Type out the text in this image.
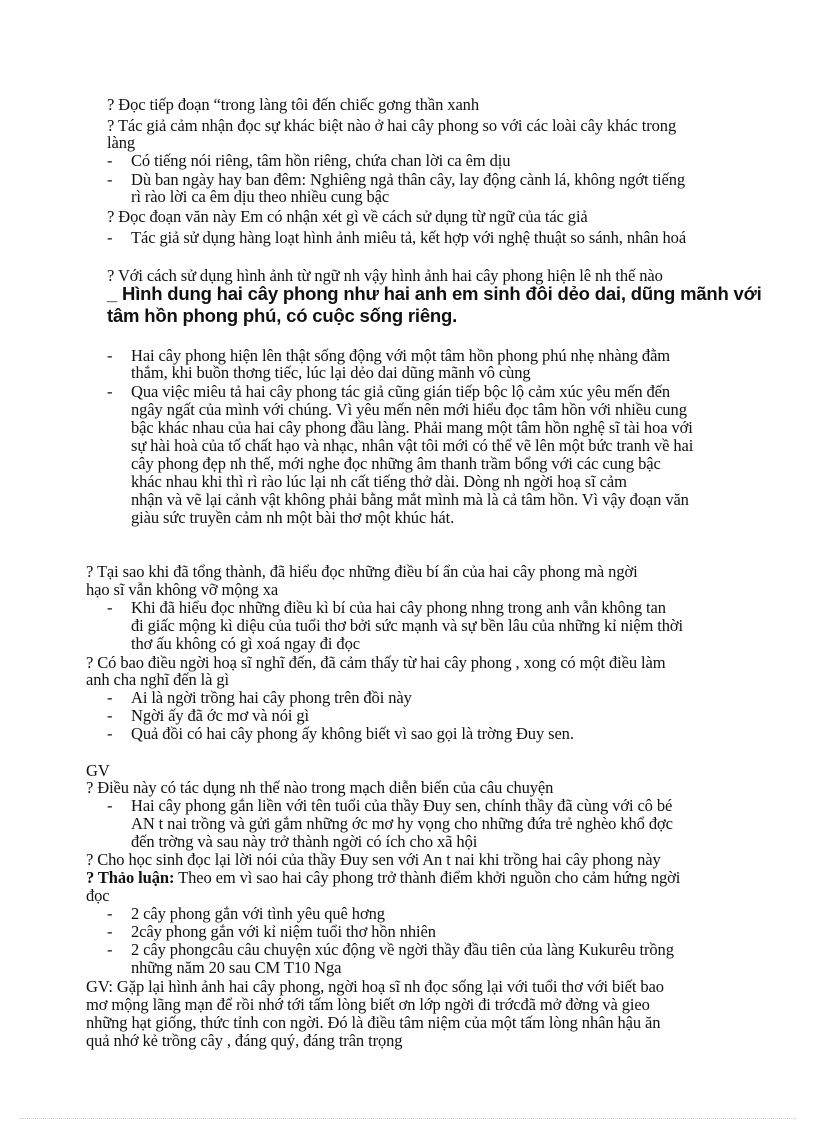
? Đọc tiếp đoạn “trong làng tôi đến chiếc gơng thần xanh
? Tác giả cảm nhận đọc sự khác biệt nào ở hai cây phong so với các loài cây khác trong
làng
- Có tiếng nói riêng, tâm hồn riêng, chứa chan lời ca êm dịu
- Dù ban ngày hay ban đêm: Nghiêng ngả thân cây, lay động cành lá, không ngớt tiếng
rì rào lời ca êm dịu theo nhiều cung bậc
? Đọc đoạn văn này Em có nhận xét gì về cách sử dụng từ ngữ của tác giả
- Tác giả sử dụng hàng loạt hình ảnh miêu tả, kết hợp với nghệ thuật so sánh, nhân hoá
? Với cách sử dụng hình ảnh từ ngữ nh vậy hình ảnh hai cây phong hiện lê nh thế nào
_ Hình dung hai cây phong như hai anh em sinh đôi dẻo dai, dũng mãnh với
tâm hồn phong phú, có cuộc sống riêng.
- Hai cây phong hiện lên thật sống động với một tâm hồn phong phú nhẹ nhàng đằm
thắm, khi buồn thơng tiếc, lúc lại dẻo dai dũng mãnh vô cùng
- Qua việc miêu tả hai cây phong tác giả cũng gián tiếp bộc lộ cảm xúc yêu mến đến
ngây ngất của mình với chúng. Vì yêu mến nên mới hiểu đọc tâm hồn với nhiều cung
bậc khác nhau của hai cây phong đầu làng. Phải mang một tâm hồn nghệ sĩ tài hoa với
sự hài hoà của tố chất hạo và nhạc, nhân vật tôi mới có thể vẽ lên một bức tranh về hai
cây phong đẹp nh thế, mới nghe đọc những âm thanh trầm bổng với các cung bậc
khác nhau khi thì rì rào lúc lại nh cất tiếng thở dài. Dòng nh ngời hoạ sĩ cảm
nhận và vẽ lại cảnh vật không phải bằng mắt mình mà là cả tâm hồn. Vì vậy đoạn văn
giàu sức truyền cảm nh một bài thơ một khúc hát.
? Tại sao khi đã tổng thành, đã hiểu đọc những điều bí ẩn của hai cây phong mà ngời
hạo sĩ vẫn không vỡ mộng xa
- Khi đã hiểu đọc những điều kì bí của hai cây phong nhng trong anh vẫn không tan
đi giấc mộng kì diệu của tuổi thơ bởi sức mạnh và sự bền lâu của những kỉ niệm thời
thơ ấu không có gì xoá ngay đi đọc
? Có bao điều ngời hoạ sĩ nghĩ đến, đã cảm thấy từ hai cây phong , xong có một điều làm
anh cha nghĩ đến là gì
- Ai là ngời trồng hai cây phong trên đồi này
- Ngời ấy đã ớc mơ và nói gì
- Quả đồi có hai cây phong ấy không biết vì sao gọi là trờng Đuy sen.
GV
? Điều này có tác dụng nh thế nào trong mạch diễn biến của câu chuyện
- Hai cây phong gắn liền với tên tuổi của thầy Đuy sen, chính thầy đã cùng với cô bé
AN t nai trồng và gửi gắm những ớc mơ hy vọng cho những đứa trẻ nghèo khổ đợc
đến trờng và sau này trở thành ngời có ích cho xã hội
? Cho học sinh đọc lại lời nói của thầy Đuy sen với An t nai khi trồng hai cây phong này
? Thảo luận: Theo em vì sao hai cây phong trở thành điểm khởi nguồn cho cảm hứng ngời
đọc
- 2 cây phong gắn với tình yêu quê hơng
- 2cây phong gắn với kỉ niệm tuổi thơ hồn nhiên
- 2 cây phongcâu câu chuyện xúc động về ngời thầy đầu tiên của làng Kukurêu trồng
những năm 20 sau CM T10 Nga
GV: Gặp lại hình ảnh hai cây phong, ngời hoạ sĩ nh đọc sống lại với tuổi thơ với biết bao
mơ mộng lãng mạn để rồi nhớ tới tấm lòng biết ơn lớp ngời đi trớcđã mở đờng và gieo
những hạt giống, thức tỉnh con ngời. Đó là điều tâm niệm của một tấm lòng nhân hậu ăn
quả nhớ kẻ trồng cây , đáng quý, đáng trân trọng
